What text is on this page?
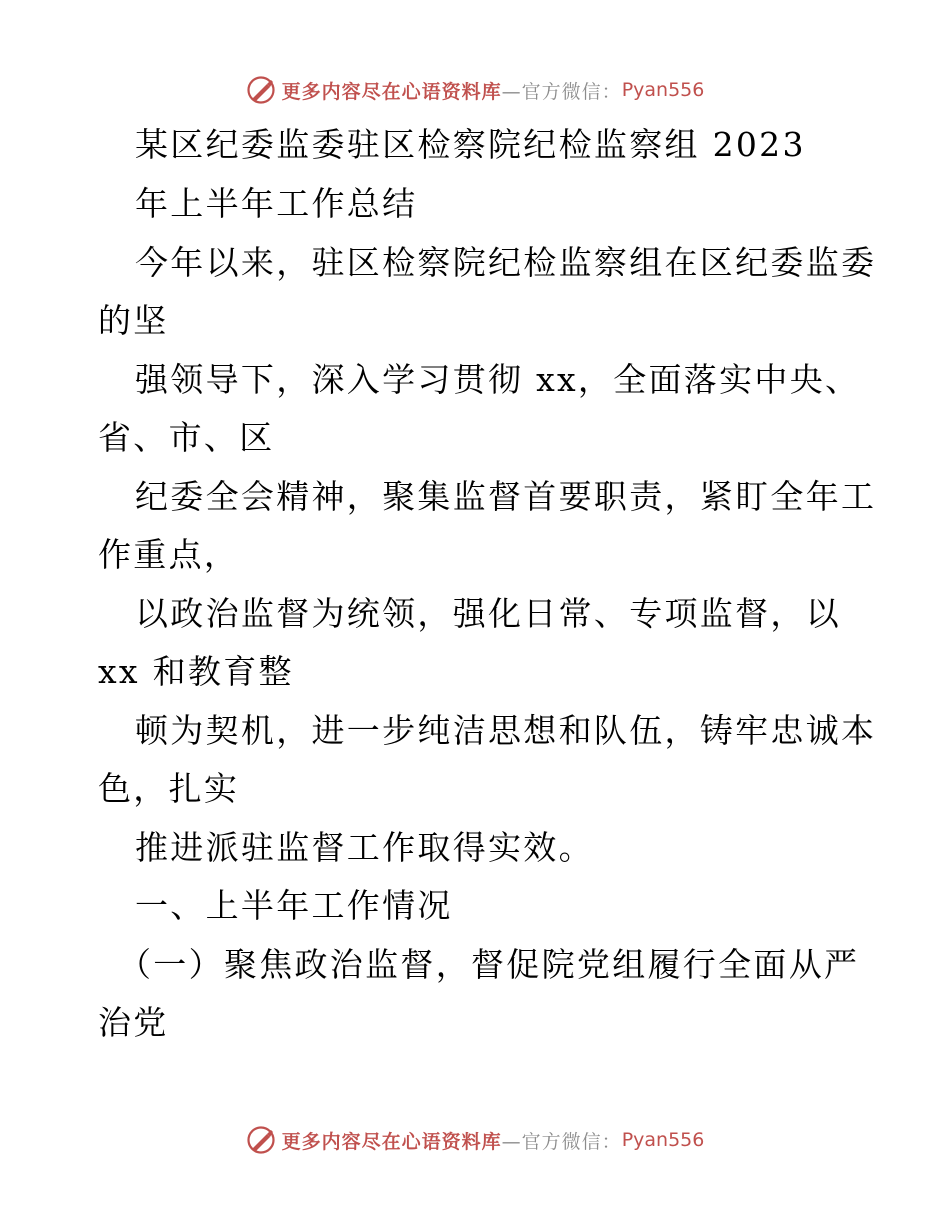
更多内容尽在心语资料库 —官方微信： Pyan556
某区纪委监委驻区检察院纪检监察组 2023
年上半年工作总结
今年以来，驻区检察院纪检监察组在区纪委监委
的坚
强领导下，深入学习贯彻 xx，全面落实中央、
省、市、区
纪委全会精神，聚集监督首要职责，紧盯全年工
作重点，
以政治监督为统领，强化日常、专项监督，以
xx 和教育整
顿为契机，进一步纯洁思想和队伍，铸牢忠诚本
色，扎实
推进派驻监督工作取得实效。
一、上半年工作情况
（一）聚焦政治监督，督促院党组履行全面从严
治党
更多内容尽在心语资料库 —官方微信： Pyan556
